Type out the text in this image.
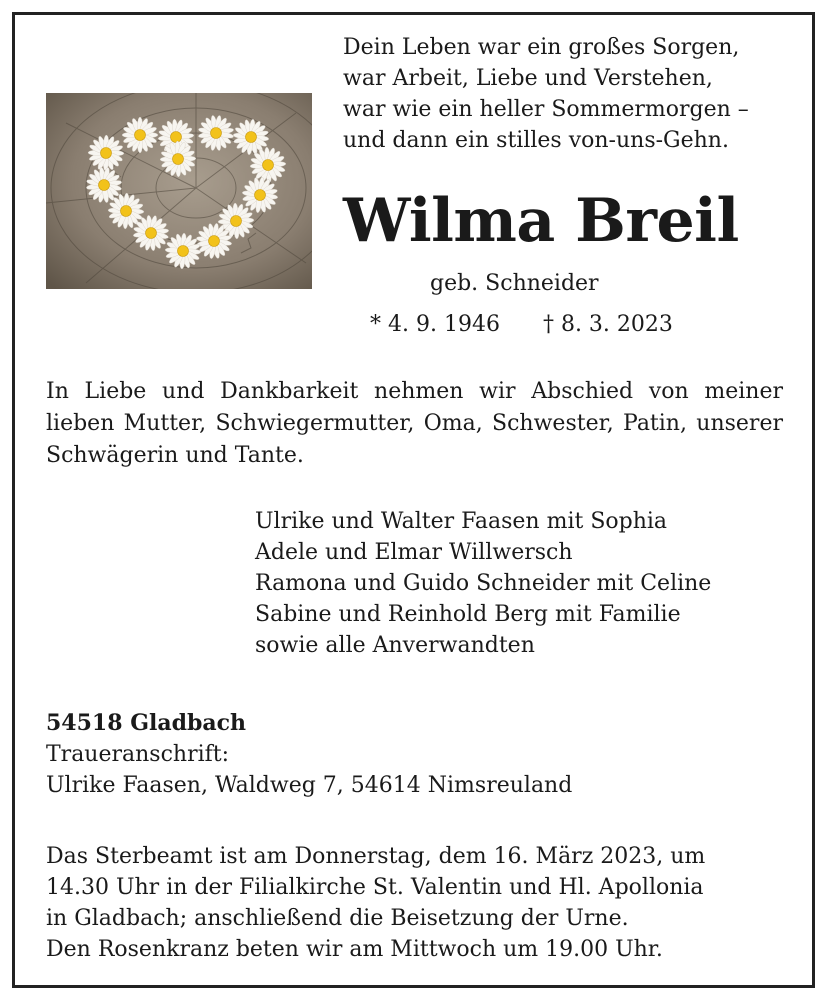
Dein Leben war ein großes Sorgen,
war Arbeit, Liebe und Verstehen,
war wie ein heller Sommermorgen –
und dann ein stilles von-uns-Gehn.
Wilma Breil
geb. Schneider
* 4. 9. 1946 † 8. 3. 2023
In Liebe und Dankbarkeit nehmen wir Abschied von meiner lieben Mutter, Schwiegermutter, Oma, Schwester, Patin, unserer Schwägerin und Tante.
Ulrike und Walter Faasen mit Sophia
Adele und Elmar Willwersch
Ramona und Guido Schneider mit Celine
Sabine und Reinhold Berg mit Familie
sowie alle Anverwandten
54518 Gladbach
Traueranschrift:
Ulrike Faasen, Waldweg 7, 54614 Nimsreuland
Das Sterbeamt ist am Donnerstag, dem 16. März 2023, um
14.30 Uhr in der Filialkirche St. Valentin und Hl. Apollonia
in Gladbach; anschließend die Beisetzung der Urne.
Den Rosenkranz beten wir am Mittwoch um 19.00 Uhr.
